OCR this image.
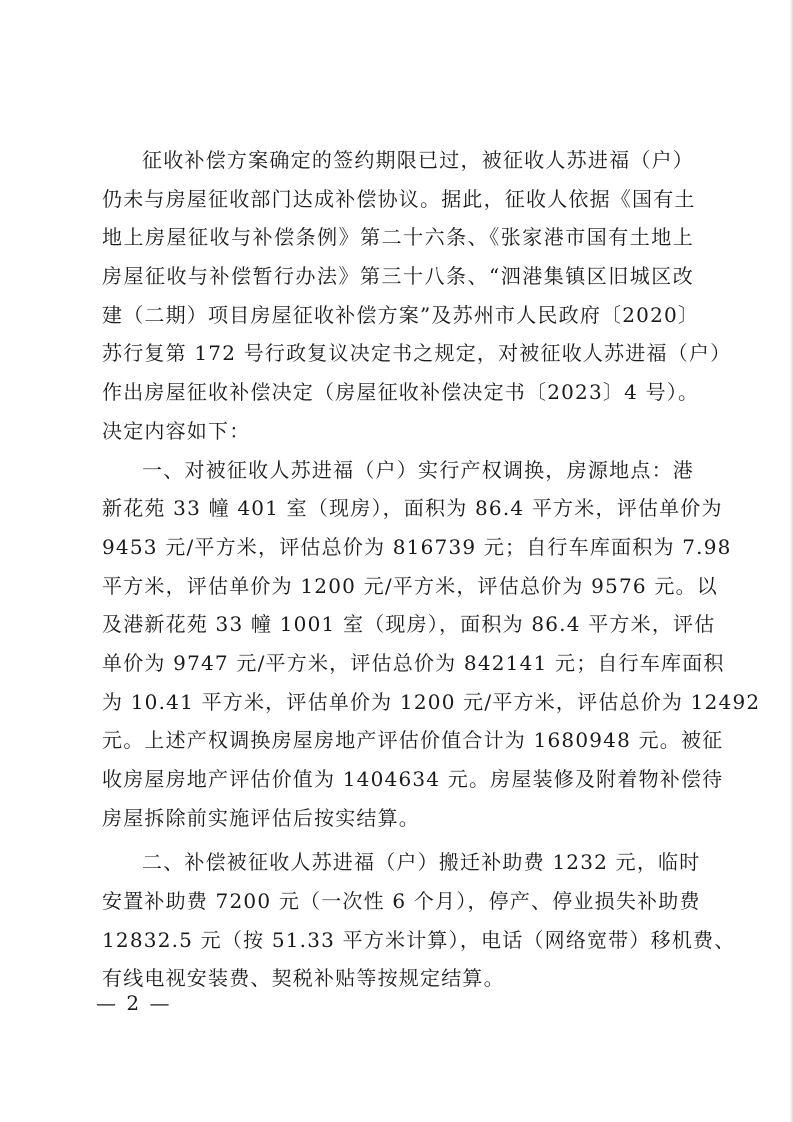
征收补偿方案确定的签约期限已过，被征收人苏进福（户）
仍未与房屋征收部门达成补偿协议。据此，征收人依据《国有土
地上房屋征收与补偿条例》第二十六条、《张家港市国有土地上
房屋征收与补偿暂行办法》第三十八条、“泗港集镇区旧城区改
建（二期）项目房屋征收补偿方案”及苏州市人民政府〔2020〕
苏行复第 172 号行政复议决定书之规定，对被征收人苏进福（户）
作出房屋征收补偿决定（房屋征收补偿决定书〔2023〕4 号）。
决定内容如下：
一、对被征收人苏进福（户）实行产权调换，房源地点：港
新花苑 33 幢 401 室（现房），面积为 86.4 平方米，评估单价为
9453 元/平方米，评估总价为 816739 元；自行车库面积为 7.98
平方米，评估单价为 1200 元/平方米，评估总价为 9576 元。以
及港新花苑 33 幢 1001 室（现房），面积为 86.4 平方米，评估
单价为 9747 元/平方米，评估总价为 842141 元；自行车库面积
为 10.41 平方米，评估单价为 1200 元/平方米，评估总价为 12492
元。上述产权调换房屋房地产评估价值合计为 1680948 元。被征
收房屋房地产评估价值为 1404634 元。房屋装修及附着物补偿待
房屋拆除前实施评估后按实结算。
二、补偿被征收人苏进福（户）搬迁补助费 1232 元，临时
安置补助费 7200 元（一次性 6 个月），停产、停业损失补助费
12832.5 元（按 51.33 平方米计算），电话（网络宽带）移机费、
有线电视安装费、契税补贴等按规定结算。
— 2 —
